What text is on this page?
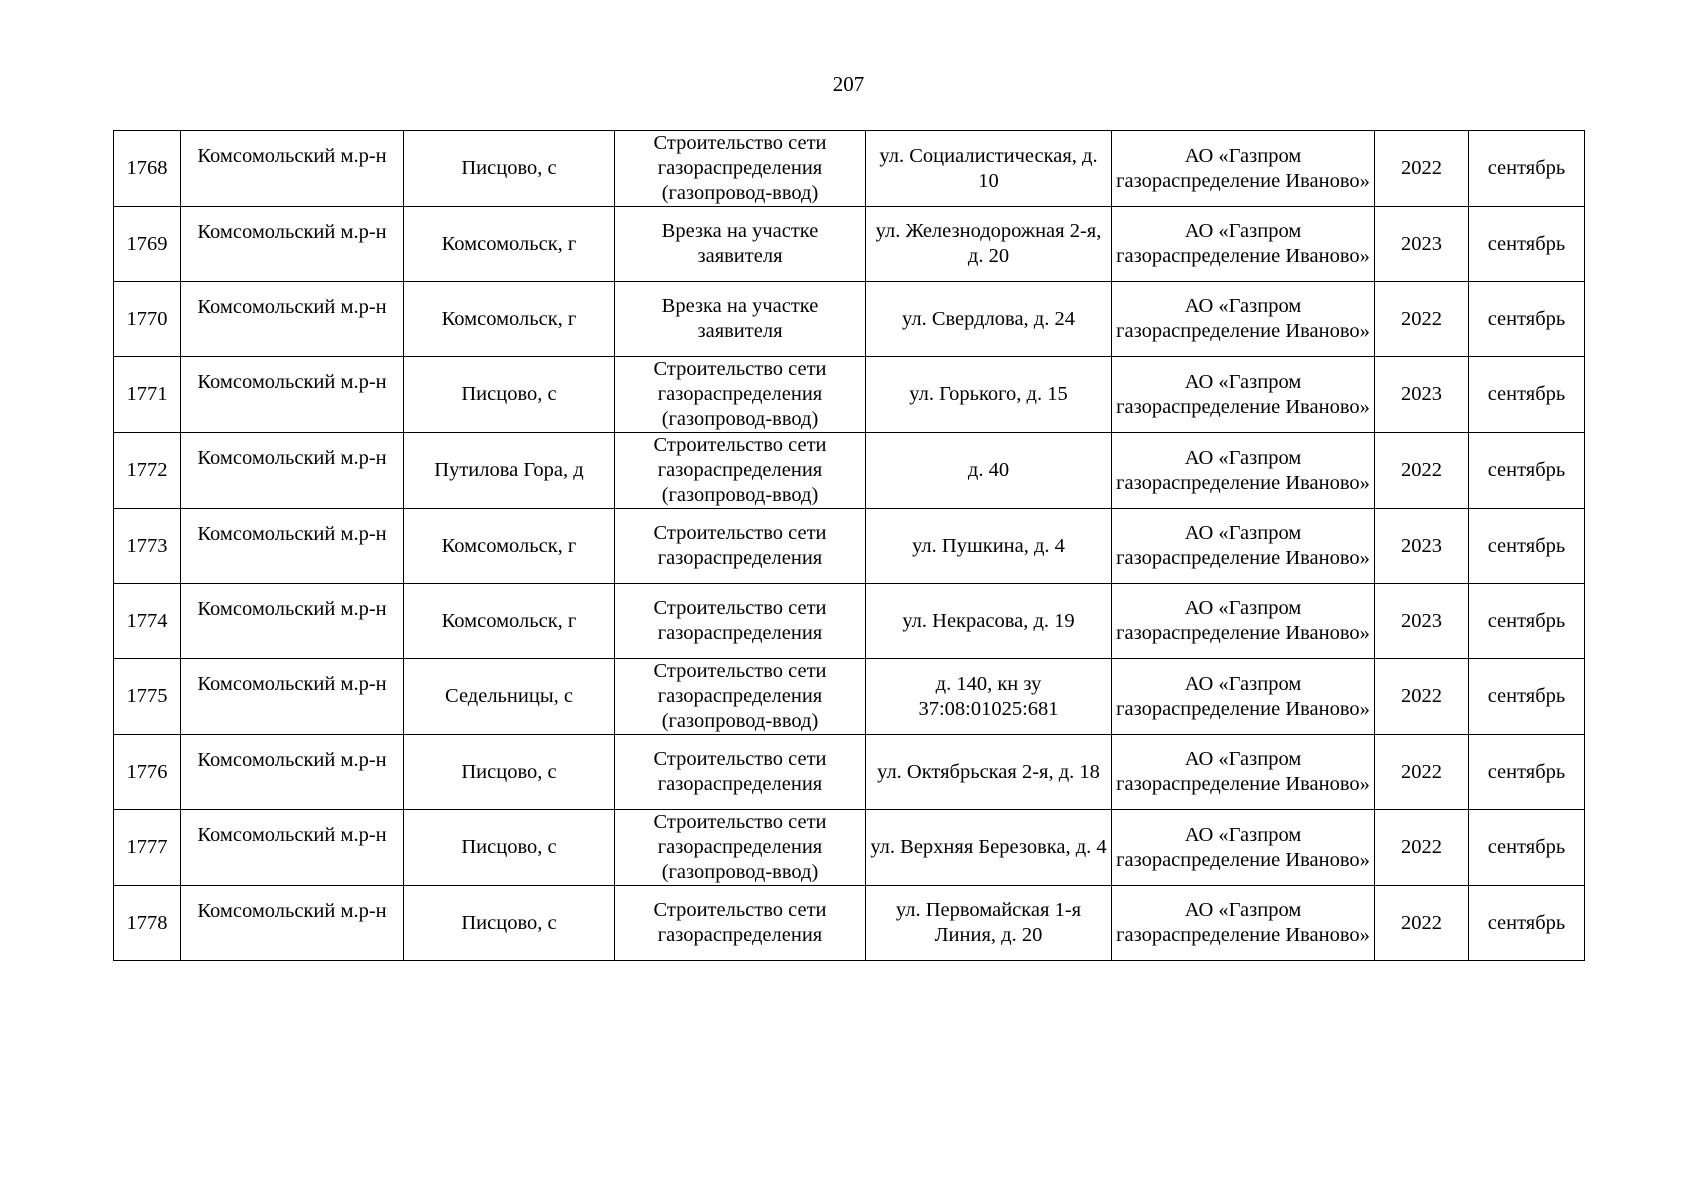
207
1768	Комсомольский м.р-н	Писцово, с	Строительство сети газораспределения (газопровод-ввод)	ул. Социалистическая, д. 10	АО «Газпром газораспределение Иваново»	2022	сентябрь
1769	Комсомольский м.р-н	Комсомольск, г	Врезка на участке заявителя	ул. Железнодорожная 2-я, д. 20	АО «Газпром газораспределение Иваново»	2023	сентябрь
1770	Комсомольский м.р-н	Комсомольск, г	Врезка на участке заявителя	ул. Свердлова, д. 24	АО «Газпром газораспределение Иваново»	2022	сентябрь
1771	Комсомольский м.р-н	Писцово, с	Строительство сети газораспределения (газопровод-ввод)	ул. Горького, д. 15	АО «Газпром газораспределение Иваново»	2023	сентябрь
1772	Комсомольский м.р-н	Путилова Гора, д	Строительство сети газораспределения (газопровод-ввод)	д. 40	АО «Газпром газораспределение Иваново»	2022	сентябрь
1773	Комсомольский м.р-н	Комсомольск, г	Строительство сети газораспределения	ул. Пушкина, д. 4	АО «Газпром газораспределение Иваново»	2023	сентябрь
1774	Комсомольский м.р-н	Комсомольск, г	Строительство сети газораспределения	ул. Некрасова, д. 19	АО «Газпром газораспределение Иваново»	2023	сентябрь
1775	Комсомольский м.р-н	Седельницы, с	Строительство сети газораспределения (газопровод-ввод)	д. 140, кн зу 37:08:01025:681	АО «Газпром газораспределение Иваново»	2022	сентябрь
1776	Комсомольский м.р-н	Писцово, с	Строительство сети газораспределения	ул. Октябрьская 2-я, д. 18	АО «Газпром газораспределение Иваново»	2022	сентябрь
1777	Комсомольский м.р-н	Писцово, с	Строительство сети газораспределения (газопровод-ввод)	ул. Верхняя Березовка, д. 4	АО «Газпром газораспределение Иваново»	2022	сентябрь
1778	Комсомольский м.р-н	Писцово, с	Строительство сети газораспределения	ул. Первомайская 1-я Линия, д. 20	АО «Газпром газораспределение Иваново»	2022	сентябрь
